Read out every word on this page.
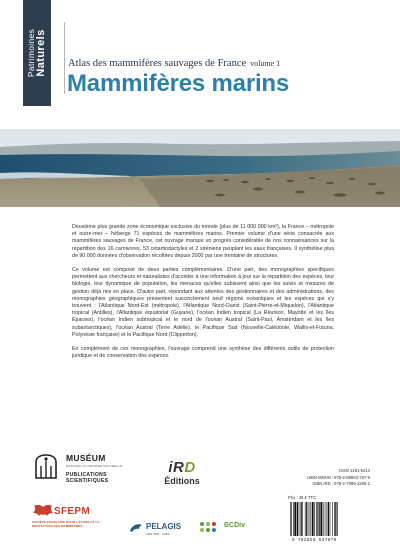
Patrimoines
Naturels Atlas des mammifères sauvages de France volume 1
Mammifères marins

Deuxième plus grande zone économique exclusive du monde (plus de 11 000 000 km²), la France – métropole et outre-mer – héberge 71 espèces de mammifères marins. Premier volume d'une série consacrée aux mammifères sauvages de France, cet ouvrage marque un progrès considérable de nos connaissances sur la répartition des 16 carnivores, 53 cétartiodactyles et 2 siréniens peuplant les eaux françaises. Il synthétise plus de 90 000 données d'observation récoltées depuis 2000 par une trentaine de structures.

Ce volume est composé de deux parties complémentaires. D'une part, des monographies spécifiques permettent aux chercheurs et naturalistes d'accéder à une information à jour sur la répartition des espèces, leur biologie, leur dynamique de population, les menaces qu'elles subissent ainsi que les suivis et mesures de gestion déjà mis en place. D'autre part, répondant aux attentes des gestionnaires et des administrations, des monographies géographiques présentent succinctement neuf régions océaniques et les espèces qui s'y trouvent : l'Atlantique Nord-Est (métropole), l'Atlantique Nord-Ouest (Saint-Pierre-et-Miquelon), l'Atlantique tropical (Antilles), l'Atlantique équatorial (Guyane), l'océan Indien tropical (La Réunion, Mayotte et les îles Éparses), l'océan Indien subtropical et le nord de l'océan Austral (Saint-Paul, Amsterdam et les îles subantarctiques), l'océan Austral (Terre Adélie), le Pacifique Sud (Nouvelle-Calédonie, Wallis-et-Futuna, Polynésie française) et le Pacifique Nord (Clipperton).

En complément de ces monographies, l'ouvrage comprend une synthèse des différents outils de protection juridique et de conservation des espèces.

MUSÉUM
NATIONAL D'HISTOIRE NATURELLE
PUBLICATIONS
SCIENTIFIQUES
iRD
Éditions
ISSN 1281-6213
ISBN MNHN : 978-2-85653-787-9
ISBN IRD : 978-2-7099-2266-1
Prix : 46 € TTC
9 782856 537879
SFEPM
SOCIÉTÉ FRANÇAISE POUR L'ÉTUDE ET LA PROTECTION DES MAMMIFÈRES	PELAGIS
UMS 3462 · CNRS
BCDiv
